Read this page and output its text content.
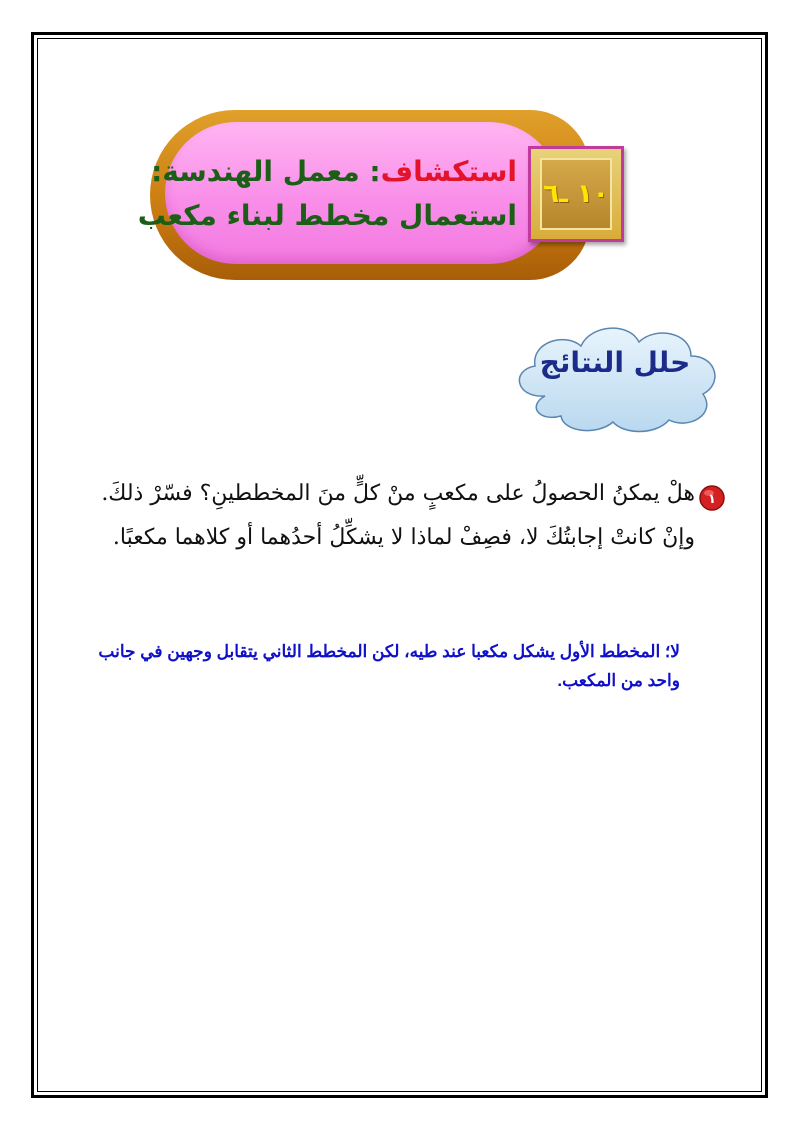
استكشاف: معمل الهندسة:
استعمال مخطط لبناء مكعب
١٠ ـ٦
حلل النتائج
١
هلْ يمكنُ الحصولُ على مكعبٍ منْ كلٍّ منَ المخططينِ؟ فسّرْ ذلكَ. وإنْ كانتْ إجابتُكَ لا، فصِفْ لماذا لا يشكِّلُ أحدُهما أو كلاهما مكعبًا.
لا؛ المخطط الأول يشكل مكعبا عند طيه، لكن المخطط الثاني يتقابل وجهين في جانب واحد من المكعب.
